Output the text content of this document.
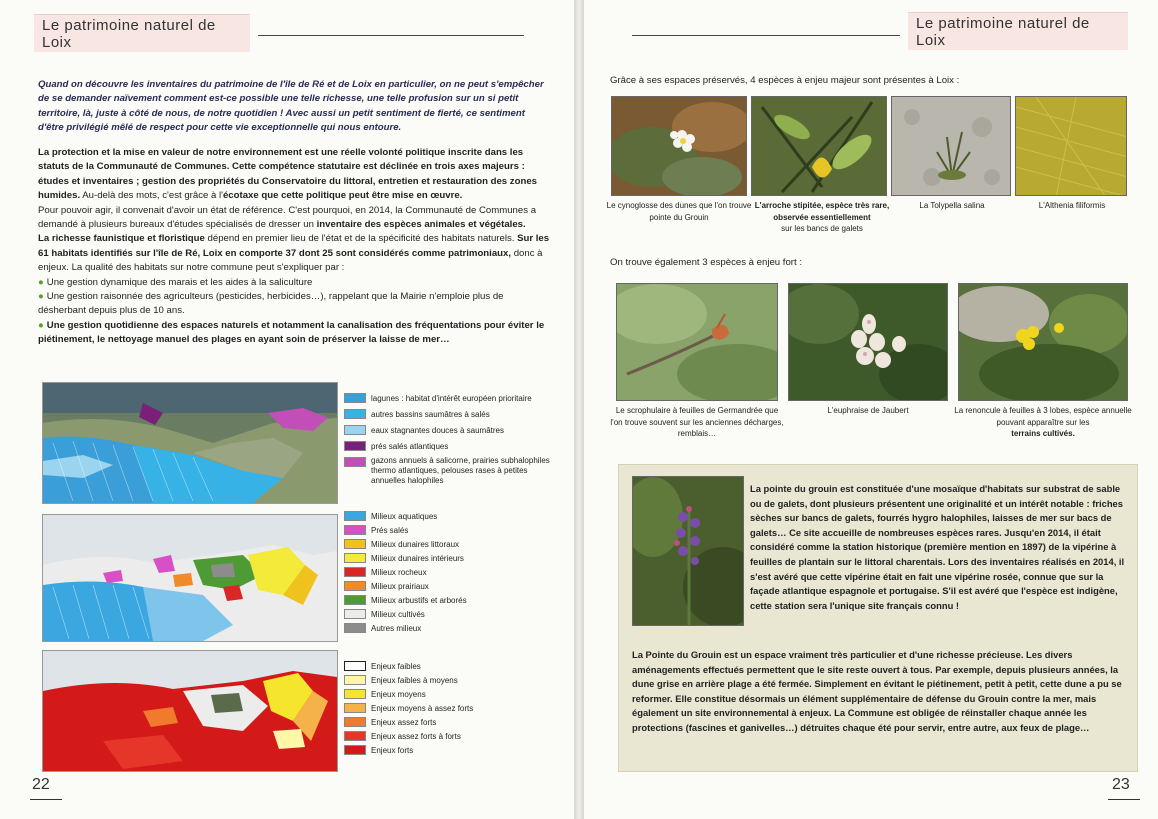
Le patrimoine naturel de Loix

Quand on découvre les inventaires du patrimoine de l'île de Ré et de Loix en particulier, on ne peut s'empêcher de se demander naïvement comment est-ce possible une telle richesse, une telle profusion sur un si petit territoire, là, juste à côté de nous, de notre quotidien ! Avec aussi un petit sentiment de fierté, ce sentiment d'être privilégié mêlé de respect pour cette vie exceptionnelle qui nous entoure.

La protection et la mise en valeur de notre environnement est une réelle volonté politique inscrite dans les statuts de la Communauté de Communes. Cette compétence statutaire est déclinée en trois axes majeurs : études et inventaires ; gestion des propriétés du Conservatoire du littoral, entretien et restauration des zones humides. Au-delà des mots, c'est grâce à l'écotaxe que cette politique peut être mise en œuvre.
Pour pouvoir agir, il convenait d'avoir un état de référence. C'est pourquoi, en 2014, la Communauté de Communes a demandé à plusieurs bureaux d'études spécialisés de dresser un inventaire des espèces animales et végétales.
La richesse faunistique et floristique dépend en premier lieu de l'état et de la spécificité des habitats naturels. Sur les 61 habitats identifiés sur l'île de Ré, Loix en comporte 37 dont 25 sont considérés comme patrimoniaux, donc à enjeux. La qualité des habitats sur notre commune peut s'expliquer par :
● Une gestion dynamique des marais et les aides à la saliculture
● Une gestion raisonnée des agriculteurs (pesticides, herbicides…), rappelant que la Mairie n'emploie plus de désherbant depuis plus de 10 ans.
● Une gestion quotidienne des espaces naturels et notamment la canalisation des fréquentations pour éviter le piétinement, le nettoyage manuel des plages en ayant soin de préserver la laisse de mer…

lagunes : habitat d'intérêt européen prioritaire
autres bassins saumâtres à salés
eaux stagnantes douces à saumâtres
prés salés atlantiques
gazons annuels à salicorne, prairies subhalophiles thermo atlantiques, pelouses rases à petites annuelles halophiles
Milieux aquatiques
Prés salés
Milieux dunaires littoraux
Milieux dunaires intérieurs
Milieux rocheux
Milieux prairiaux
Milieux arbustifs et arborés
Milieux cultivés
Autres milieux
Enjeux faibles
Enjeux faibles à moyens
Enjeux moyens
Enjeux moyens à assez forts
Enjeux assez forts
Enjeux assez forts à forts
Enjeux forts
22
Le patrimoine naturel de Loix

Grâce à ses espaces préservés, 4 espèces à enjeu majeur sont présentes à Loix :

Le cynoglosse des dunes que l'on trouve pointe du Grouin
L'arroche stipitée, espèce très rare, observée essentiellement
sur les bancs de galets
La Tolypella salina	L'Althenia filiformis

On trouve également 3 espèces à enjeu fort :

Le scrophulaire à feuilles de Germandrée que l'on trouve souvent sur les anciennes décharges, remblais…
L'euphraise de Jaubert	La renoncule à feuilles à 3 lobes, espèce annuelle pouvant apparaître sur les
terrains cultivés.

La pointe du grouin est constituée d'une mosaïque d'habitats sur substrat de sable ou de galets, dont plusieurs présentent une originalité et un intérêt notable : friches sèches sur bancs de galets, fourrés hygro halophiles, laisses de mer sur bacs de galets… Ce site accueille de nombreuses espèces rares. Jusqu'en 2014, il était considéré comme la station historique (première mention en 1897) de la vipérine à feuilles de plantain sur le littoral charentais. Lors des inventaires réalisés en 2014, il s'est avéré que cette vipérine était en fait une vipérine rosée, connue que sur la façade atlantique espagnole et portugaise. S'il est avéré que l'espèce est indigène, cette station sera l'unique site français connu !

La Pointe du Grouin est un espace vraiment très particulier et d'une richesse précieuse. Les divers aménagements effectués permettent que le site reste ouvert à tous. Par exemple, depuis plusieurs années, la dune grise en arrière plage a été fermée. Simplement en évitant le piétinement, petit à petit, cette dune a pu se reformer. Elle constitue désormais un élément supplémentaire de défense du Grouin contre la mer, mais également un site environnemental à enjeux. La Commune est obligée de réinstaller chaque année les protections (fascines et ganivelles…) détruites chaque été pour servir, entre autre, aux feux de plage…

23
